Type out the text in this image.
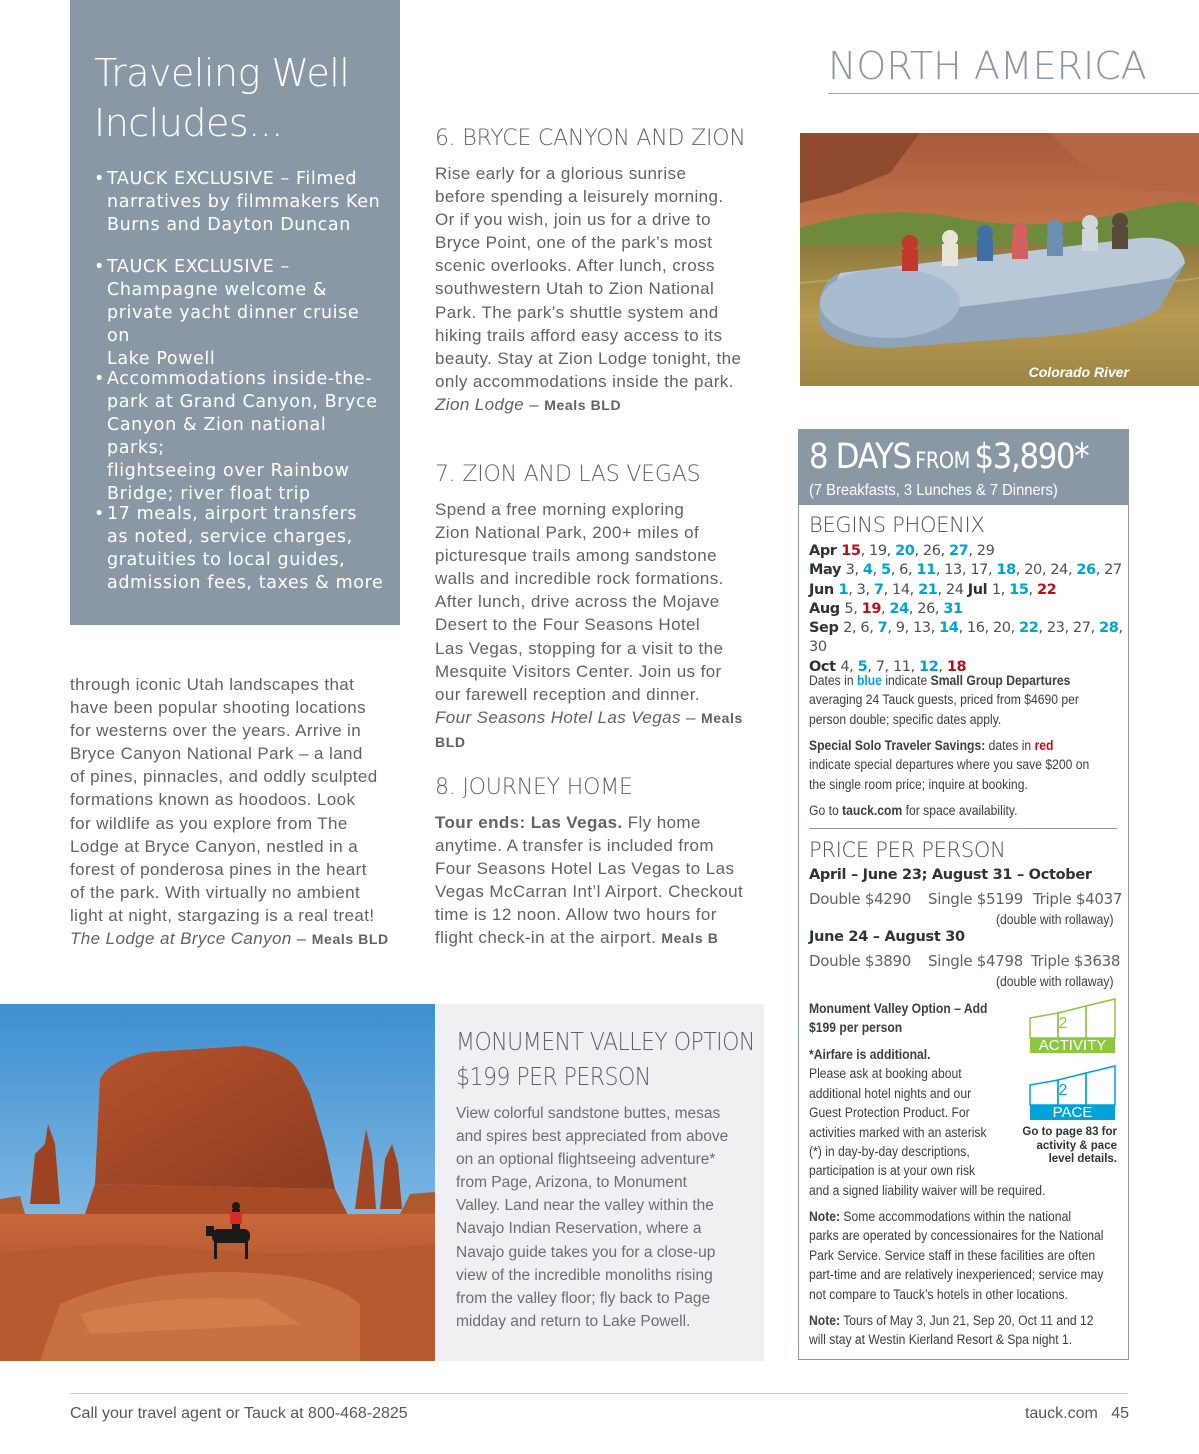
Traveling Well
Includes...
• TAUCK EXCLUSIVE – Filmed
narratives by filmmakers Ken
Burns and Dayton Duncan
• TAUCK EXCLUSIVE –
Champagne welcome &
private yacht dinner cruise on
Lake Powell
• Accommodations inside-the-
park at Grand Canyon, Bryce
Canyon & Zion national parks;
flightseeing over Rainbow
Bridge; river float trip
• 17 meals, airport transfers
as noted, service charges,
gratuities to local guides,
admission fees, taxes & more
through iconic Utah landscapes that
have been popular shooting locations
for westerns over the years. Arrive in
Bryce Canyon National Park – a land
of pines, pinnacles, and oddly sculpted
formations known as hoodoos. Look
for wildlife as you explore from The
Lodge at Bryce Canyon, nestled in a
forest of ponderosa pines in the heart
of the park. With virtually no ambient
light at night, stargazing is a real treat!
The Lodge at Bryce Canyon – Meals BLD
6. BRYCE CANYON AND ZION
Rise early for a glorious sunrise
before spending a leisurely morning.
Or if you wish, join us for a drive to
Bryce Point, one of the park’s most
scenic overlooks. After lunch, cross
southwestern Utah to Zion National
Park. The park’s shuttle system and
hiking trails afford easy access to its
beauty. Stay at Zion Lodge tonight, the
only accommodations inside the park.
Zion Lodge – Meals BLD
7. ZION AND LAS VEGAS
Spend a free morning exploring
Zion National Park, 200+ miles of
picturesque trails among sandstone
walls and incredible rock formations.
After lunch, drive across the Mojave
Desert to the Four Seasons Hotel
Las Vegas, stopping for a visit to the
Mesquite Visitors Center. Join us for
our farewell reception and dinner.
Four Seasons Hotel Las Vegas – Meals BLD
8. JOURNEY HOME
Tour ends: Las Vegas. Fly home
anytime. A transfer is included from
Four Seasons Hotel Las Vegas to Las
Vegas McCarran Int’l Airport. Checkout
time is 12 noon. Allow two hours for
flight check-in at the airport. Meals B
NORTH AMERICA
Colorado River
8 DAYS FROM $3,890*
(7 Breakfasts, 3 Lunches & 7 Dinners)
BEGINS PHOENIX
Apr 15, 19, 20, 26, 27, 29
May 3, 4, 5, 6, 11, 13, 17, 18, 20, 24, 26, 27
Jun 1, 3, 7, 14, 21, 24 Jul 1, 15, 22
Aug 5, 19, 24, 26, 31
Sep 2, 6, 7, 9, 13, 14, 16, 20, 22, 23, 27, 28, 30
Oct 4, 5, 7, 11, 12, 18
Dates in blue indicate Small Group Departures
averaging 24 Tauck guests, priced from $4690 per
person double; specific dates apply.
Special Solo Traveler Savings: dates in red
indicate special departures where you save $200 on
the single room price; inquire at booking.
Go to tauck.com for space availability.
PRICE PER PERSON
April – June 23; August 31 – October
Double $4290 Single $5199 Triple $4037
(double with rollaway)
June 24 – August 30
Double $3890 Single $4798 Triple $3638
(double with rollaway)
Monument Valley Option – Add
$199 per person	2
ACTIVITY
2
PACE
Go to page 83 for
activity & pace
level details.
*Airfare is additional.
Please ask at booking about
additional hotel nights and our
Guest Protection Product. For
activities marked with an asterisk
(*) in day-by-day descriptions,
participation is at your own risk
and a signed liability waiver will be required.
Note: Some accommodations within the national
parks are operated by concessionaires for the National
Park Service. Service staff in these facilities are often
part-time and are relatively inexperienced; service may
not compare to Tauck’s hotels in other locations.
Note: Tours of May 3, Jun 21, Sep 20, Oct 11 and 12
will stay at Westin Kierland Resort & Spa night 1.
MONUMENT VALLEY OPTION
$199 PER PERSON
View colorful sandstone buttes, mesas
and spires best appreciated from above
on an optional flightseeing adventure*
from Page, Arizona, to Monument
Valley. Land near the valley within the
Navajo Indian Reservation, where a
Navajo guide takes you for a close-up
view of the incredible monoliths rising
from the valley floor; fly back to Page
midday and return to Lake Powell.
Call your travel agent or Tauck at 800-468-2825	tauck.com 45
